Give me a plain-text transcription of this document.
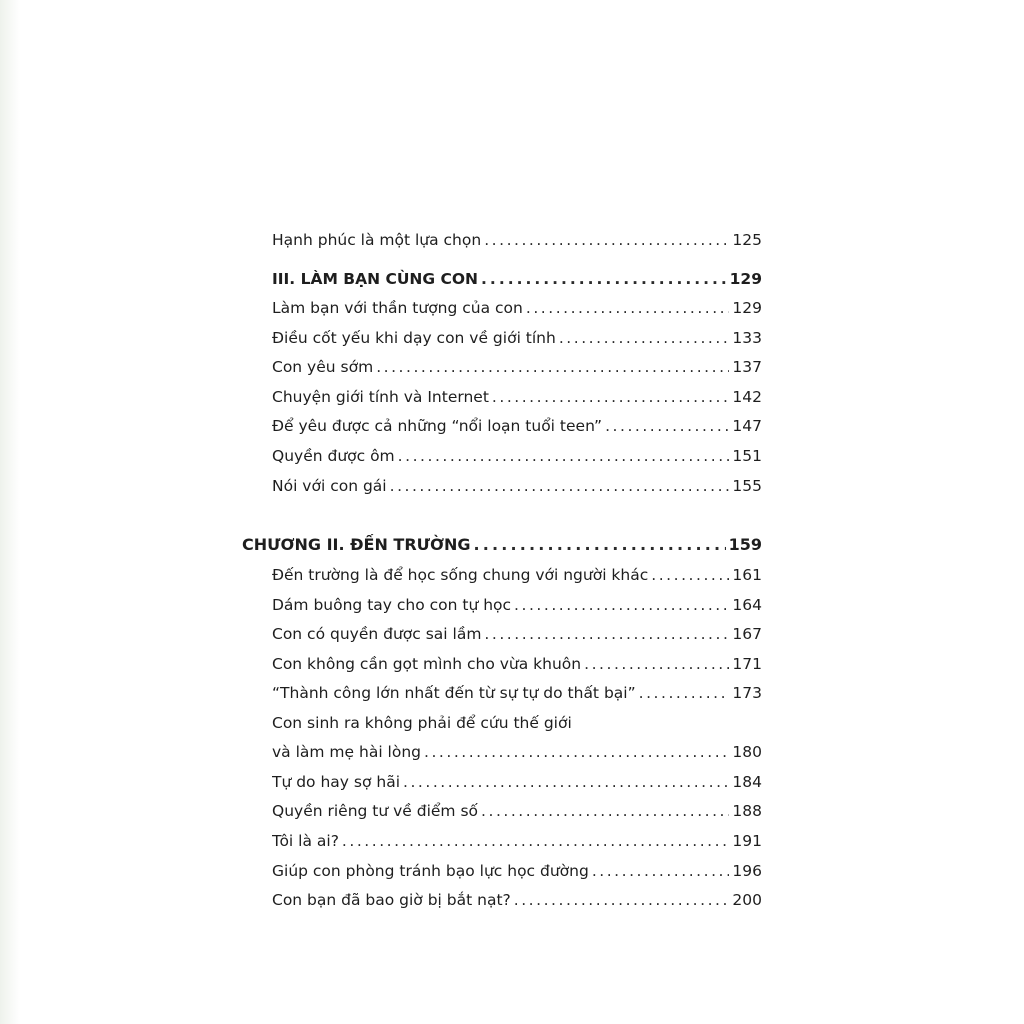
Hạnh phúc là một lựa chọn . . .	125
III. LÀM BẠN CÙNG CON . . .	129
Làm bạn với thần tượng của con . . .	129
Điều cốt yếu khi dạy con về giới tính . . .	133
Con yêu sớm . . .	137
Chuyện giới tính và Internet . . .	142
Để yêu được cả những “nổi loạn tuổi teen” . . .	147
Quyền được ôm . . .	151
Nói với con gái . . .	155
CHƯƠNG II. ĐẾN TRƯỜNG . . .	159
Đến trường là để học sống chung với người khác . . .	161
Dám buông tay cho con tự học . . .	164
Con có quyền được sai lầm . . .	167
Con không cần gọt mình cho vừa khuôn . . .	171
“Thành công lớn nhất đến từ sự tự do thất bại” . . .	173
Con sinh ra không phải để cứu thế giới
và làm mẹ hài lòng . . .	180
Tự do hay sợ hãi . . .	184
Quyền riêng tư về điểm số . . .	188
Tôi là ai? . . .	191
Giúp con phòng tránh bạo lực học đường . . .	196
Con bạn đã bao giờ bị bắt nạt? . . .	200
